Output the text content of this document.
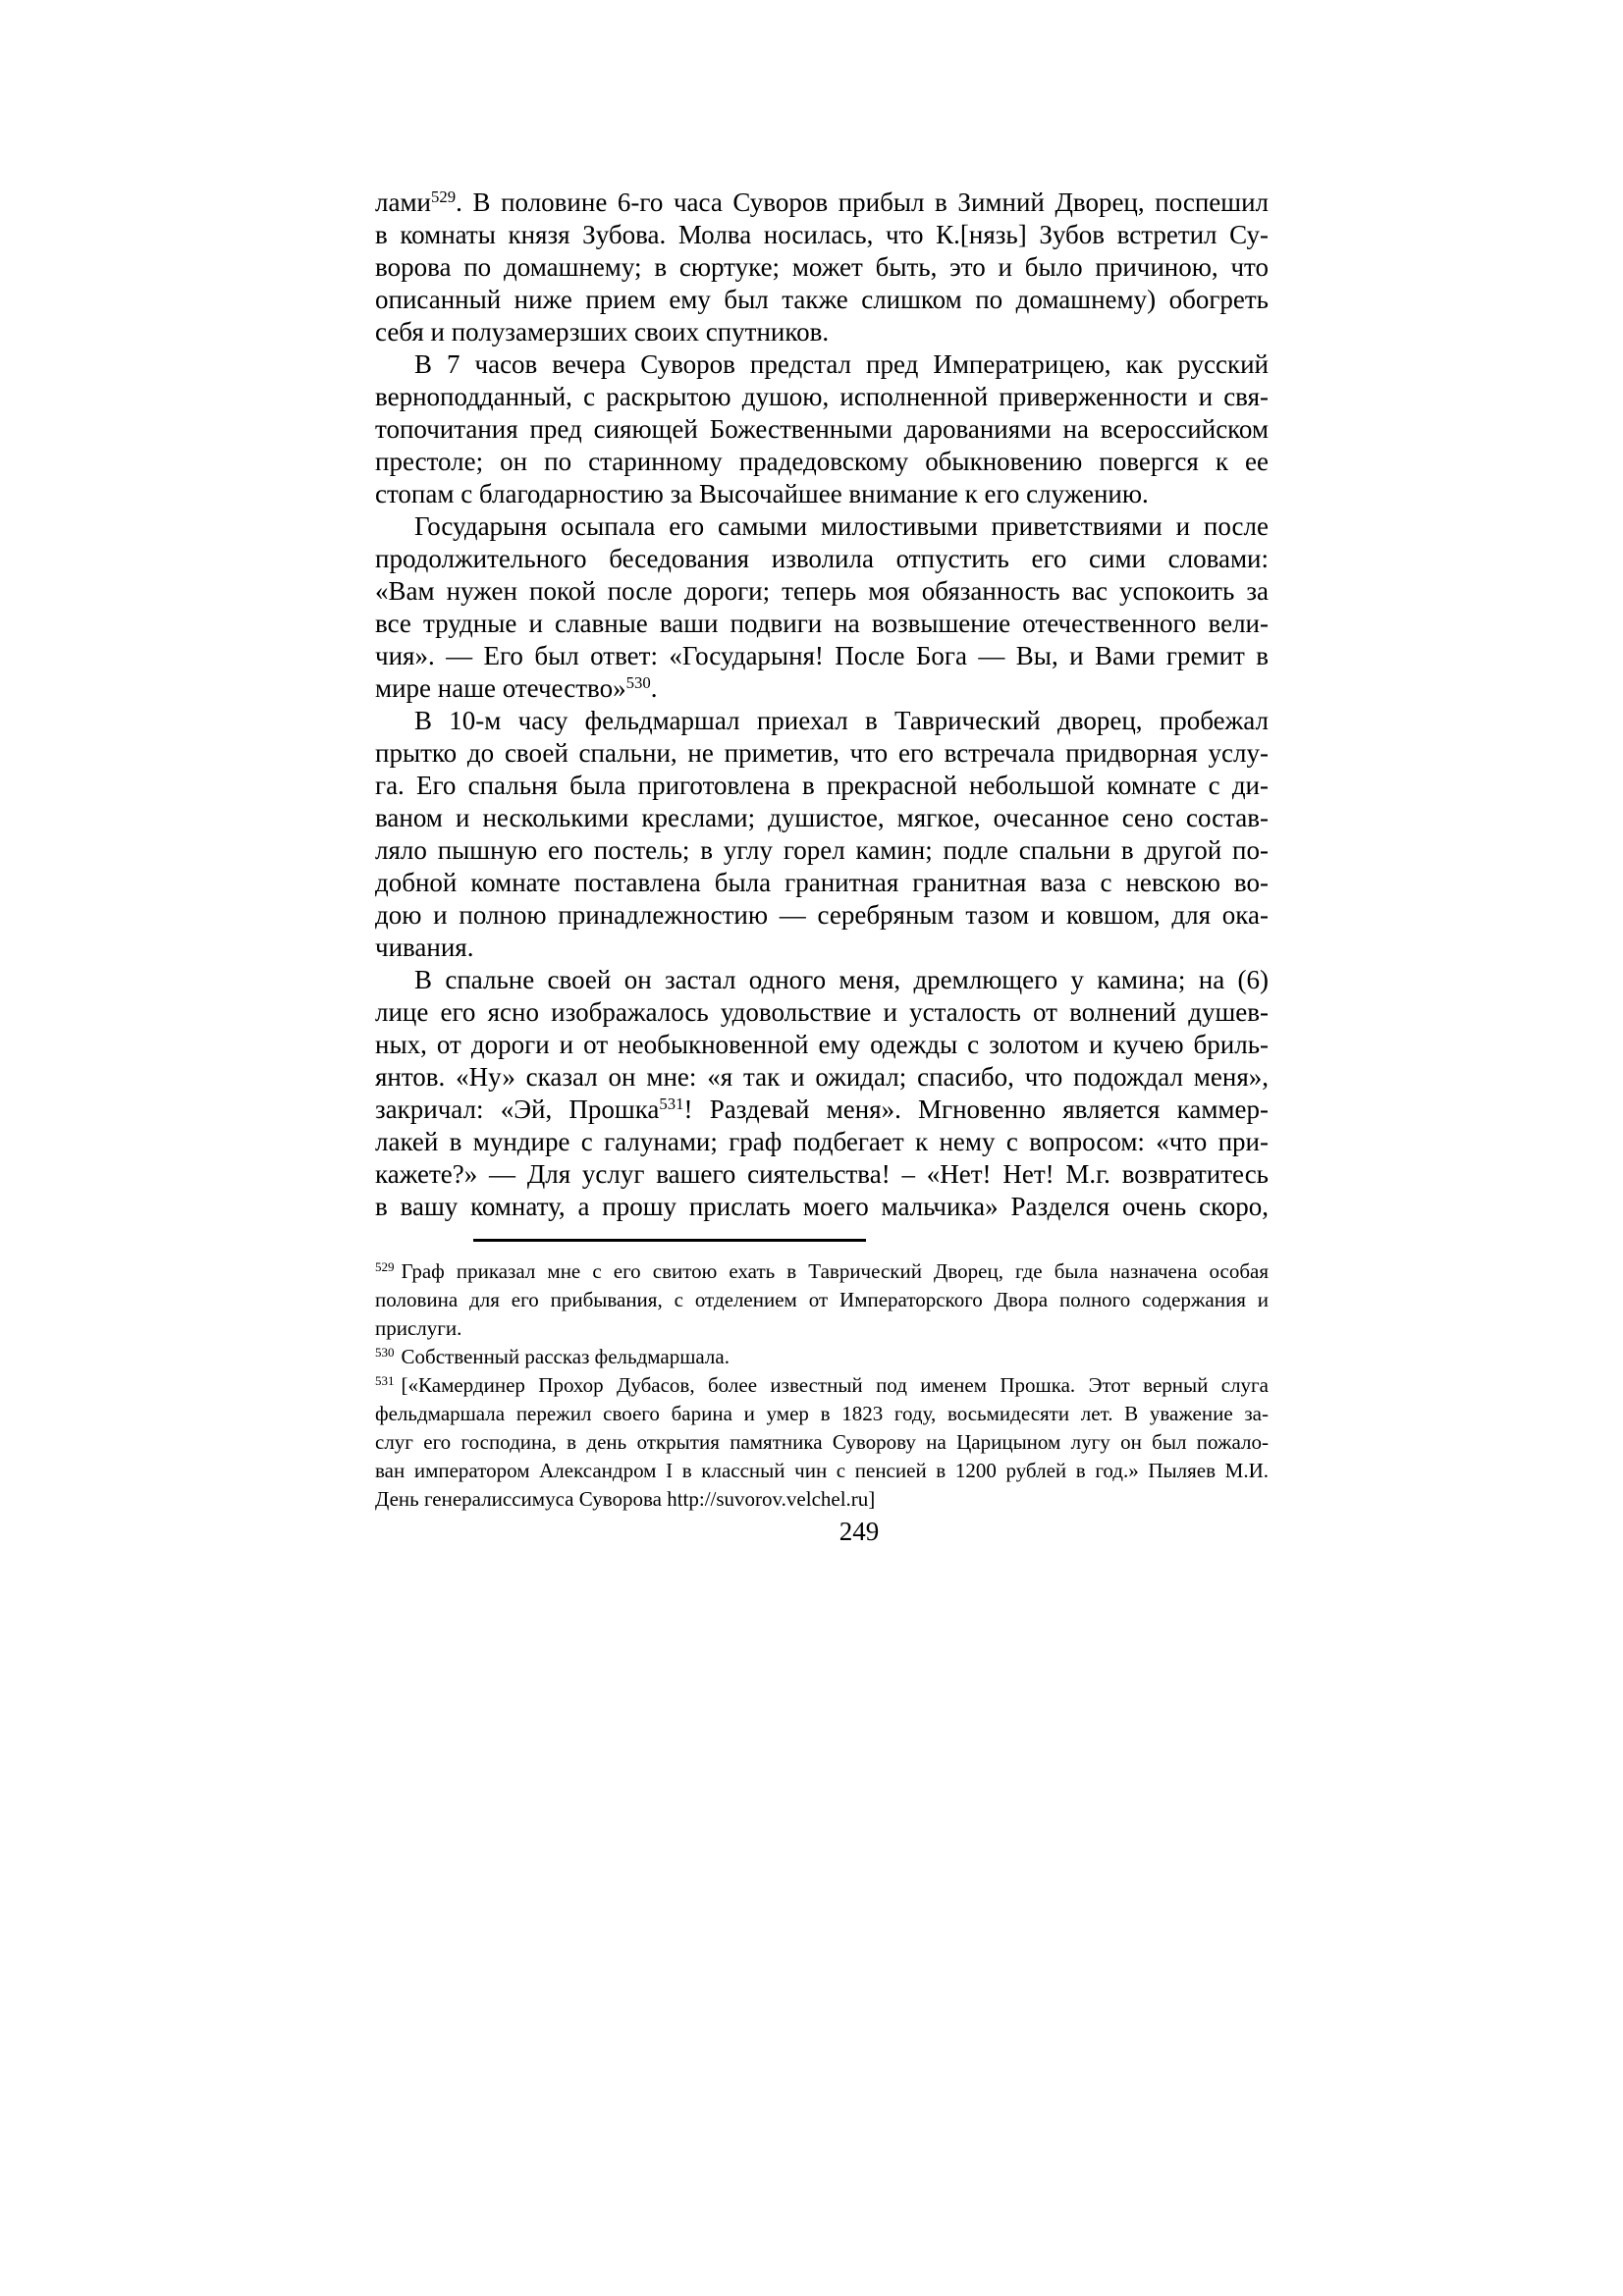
лами$^{529}$. В половине 6-го часа Суворов прибыл в Зимний Дворец, поспешил
в комнаты князя Зубова. Молва носилась, что К.[нязь] Зубов встретил Су-
ворова по домашнему; в сюртуке; может быть, это и было причиною, что
описанный ниже прием ему был также слишком по домашнему) обогреть
себя и полузамерзших своих спутников.
В 7 часов вечера Суворов предстал пред Императрицею, как русский
верноподданный, с раскрытою душою, исполненной приверженности и свя-
топочитания пред сияющей Божественными дарованиями на всероссийском
престоле; он по старинному прадедовскому обыкновению повергся к ее
стопам с благодарностию за Высочайшее внимание к его служению.
Государыня осыпала его самыми милостивыми приветствиями и после
продолжительного беседования изволила отпустить его сими словами:
«Вам нужен покой после дороги; теперь моя обязанность вас успокоить за
все трудные и славные ваши подвиги на возвышение отечественного вели-
чия». — Его был ответ: «Государыня! После Бога — Вы, и Вами гремит в
мире наше отечество»$^{530}$.
В 10-м часу фельдмаршал приехал в Таврический дворец, пробежал
прытко до своей спальни, не приметив, что его встречала придворная услу-
га. Его спальня была приготовлена в прекрасной небольшой комнате с ди-
ваном и несколькими креслами; душистое, мягкое, очесанное сено состав-
ляло пышную его постель; в углу горел камин; подле спальни в другой по-
добной комнате поставлена была гранитная гранитная ваза с невскою во-
дою и полною принадлежностию — серебряным тазом и ковшом, для ока-
чивания.
В спальне своей он застал одного меня, дремлющего у камина; на (6)
лице его ясно изображалось удовольствие и усталость от волнений душев-
ных, от дороги и от необыкновенной ему одежды с золотом и кучею бриль-
янтов. «Ну» сказал он мне: «я так и ожидал; спасибо, что подождал меня»,
закричал: «Эй, Прошка$^{531}$! Раздевай меня». Мгновенно является каммер-
лакей в мундире с галунами; граф подбегает к нему с вопросом: «что при-
кажете?» — Для услуг вашего сиятельства! – «Нет! Нет! М.г. возвратитесь
в вашу комнату, а прошу прислать моего мальчика» Разделся очень скоро,
$^{529}$ Граф приказал мне с его свитою ехать в Таврический Дворец, где была назначена особая
половина для его прибывания, с отделением от Императорского Двора полного содержания и
прислуги.
$^{530}$ Собственный рассказ фельдмаршала.
$^{531}$ [«Камердинер Прохор Дубасов, более известный под именем Прошка. Этот верный слуга
фельдмаршала пережил своего барина и умер в 1823 году, восьмидесяти лет. В уважение за-
слуг его господина, в день открытия памятника Суворову на Царицыном лугу он был пожало-
ван императором Александром I в классный чин с пенсией в 1200 рублей в год.» Пыляев М.И.
День генералиссимуса Суворова http://suvorov.velchel.ru]
249
